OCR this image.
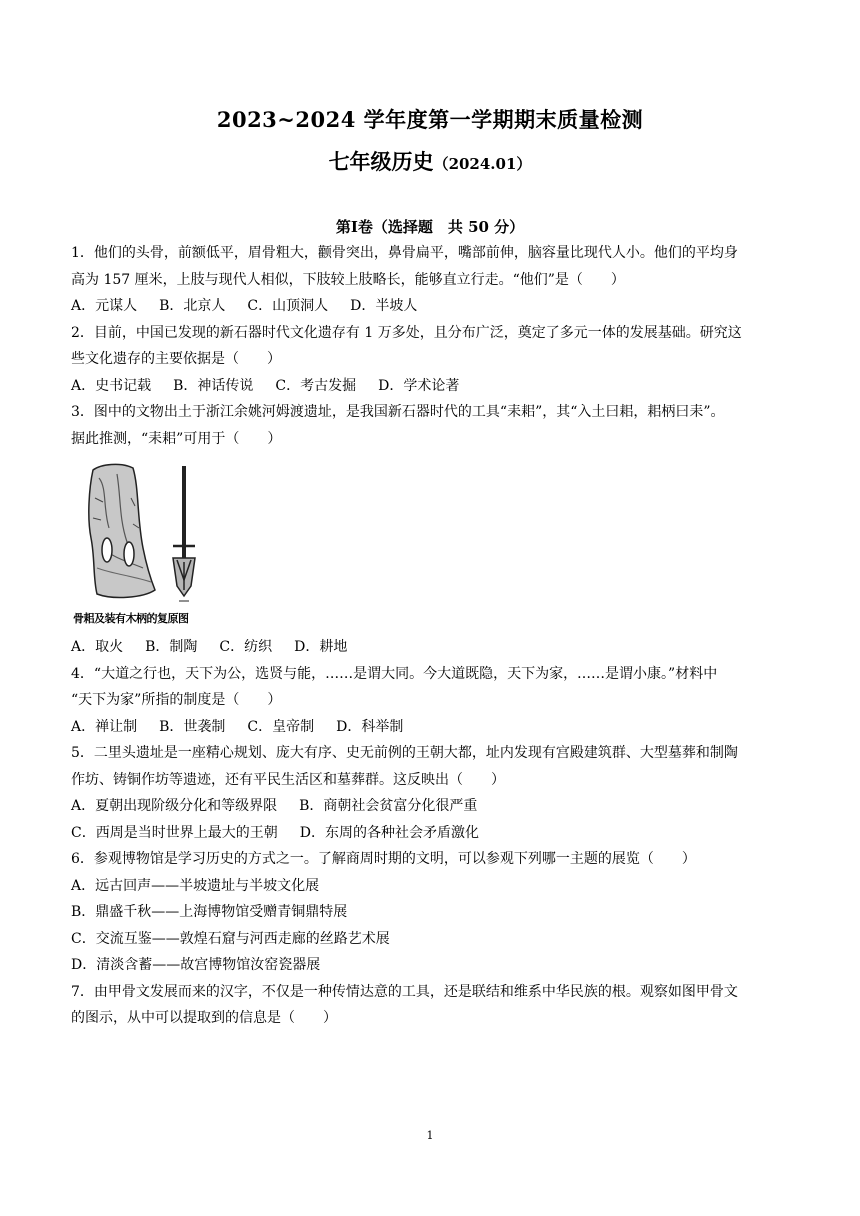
2023~2024 学年度第一学期期末质量检测
七年级历史（2024.01）
第Ⅰ卷（选择题　共 50 分）
1．他们的头骨，前额低平，眉骨粗大，颧骨突出，鼻骨扁平，嘴部前伸，脑容量比现代人小。他们的平均身
高为 157 厘米，上肢与现代人相似，下肢较上肢略长，能够直立行走。“他们”是（　　）
A．元谋人 B．北京人 C．山顶洞人 D．半坡人
2．目前，中国已发现的新石器时代文化遗存有 1 万多处，且分布广泛，奠定了多元一体的发展基础。研究这
些文化遗存的主要依据是（　　）
A．史书记载 B．神话传说 C．考古发掘 D．学术论著
3．图中的文物出土于浙江余姚河姆渡遗址，是我国新石器时代的工具“耒耜”，其“入土曰耜，耜柄曰耒”。
据此推测，“耒耜”可用于（　　）
骨耜及装有木柄的复原图
A．取火 B．制陶 C．纺织 D．耕地
4．“大道之行也，天下为公，选贤与能，……是谓大同。今大道既隐，天下为家，……是谓小康。”材料中
“天下为家”所指的制度是（　　）
A．禅让制 B．世袭制 C．皇帝制 D．科举制
5．二里头遗址是一座精心规划、庞大有序、史无前例的王朝大都，址内发现有宫殿建筑群、大型墓葬和制陶
作坊、铸铜作坊等遗迹，还有平民生活区和墓葬群。这反映出（　　）
A．夏朝出现阶级分化和等级界限 B．商朝社会贫富分化很严重
C．西周是当时世界上最大的王朝 D．东周的各种社会矛盾激化
6．参观博物馆是学习历史的方式之一。了解商周时期的文明，可以参观下列哪一主题的展览（　　）
A．远古回声——半坡遗址与半坡文化展
B．鼎盛千秋——上海博物馆受赠青铜鼎特展
C．交流互鉴——敦煌石窟与河西走廊的丝路艺术展
D．清淡含蓄——故宫博物馆汝窑瓷器展
7．由甲骨文发展而来的汉字，不仅是一种传情达意的工具，还是联结和维系中华民族的根。观察如图甲骨文
的图示，从中可以提取到的信息是（　　）
1
